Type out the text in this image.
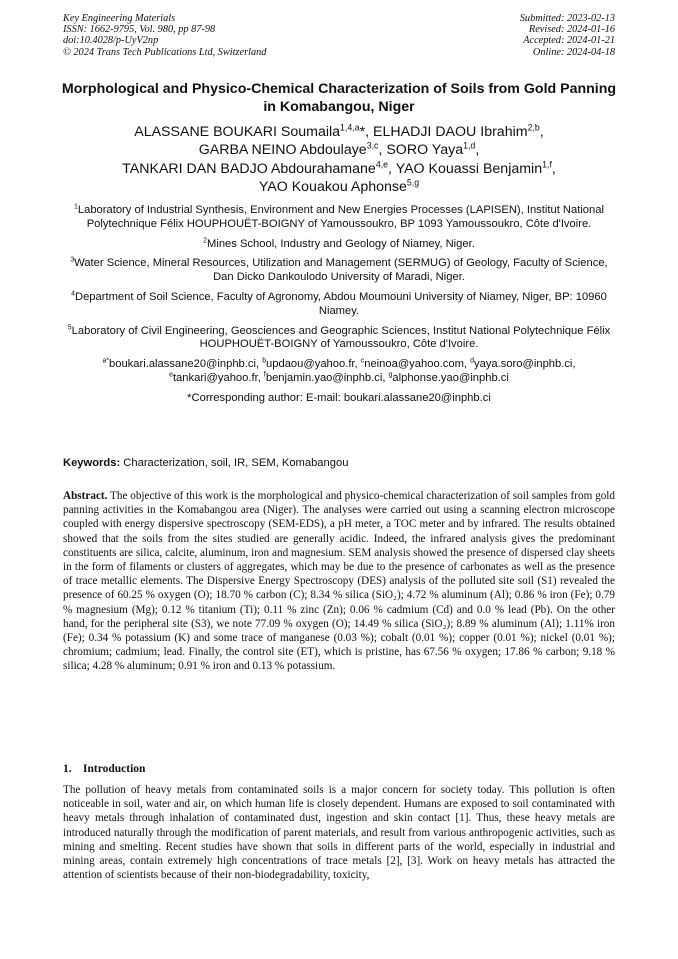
Key Engineering Materials
ISSN: 1662-9795, Vol. 980, pp 87-98
doi:10.4028/p-UyV2np
© 2024 Trans Tech Publications Ltd, Switzerland
Submitted: 2023-02-13
Revised: 2024-01-16
Accepted: 2024-01-21
Online: 2024-04-18
Morphological and Physico-Chemical Characterization of Soils from Gold Panning in Komabangou, Niger
ALASSANE BOUKARI Soumaila$^{1,4,a}$*, ELHADJI DAOU Ibrahim$^{2,b}$,
GARBA NEINO Abdoulaye$^{3,c}$, SORO Yaya$^{1,d}$,
TANKARI DAN BADJO Abdourahamane$^{4,e}$, YAO Kouassi Benjamin$^{1,f}$,
YAO Kouakou Aphonse$^{5,g}$

$^1$Laboratory of Industrial Synthesis, Environment and New Energies Processes (LAPISEN), Institut National Polytechnique Félix HOUPHOUËT-BOIGNY of Yamoussoukro, BP 1093 Yamoussoukro, Côte d'Ivoire.

$^2$Mines School, Industry and Geology of Niamey, Niger.

$^3$Water Science, Mineral Resources, Utilization and Management (SERMUG) of Geology, Faculty of Science, Dan Dicko Dankoulodo University of Maradi, Niger.

$^4$Department of Soil Science, Faculty of Agronomy, Abdou Moumouni University of Niamey, Niger, BP: 10960 Niamey.

$^5$Laboratory of Civil Engineering, Geosciences and Geographic Sciences, Institut National Polytechnique Félix HOUPHOUËT-BOIGNY of Yamoussoukro, Côte d'Ivoire.

$^{a*}$boukari.alassane20@inphb.ci, $^b$updaou@yahoo.fr, $^c$neinoa@yahoo.com, $^d$yaya.soro@inphb.ci,
$^e$tankari@yahoo.fr, $^f$benjamin.yao@inphb.ci, $^g$alphonse.yao@inphb.ci

*Corresponding author: E-mail: boukari.alassane20@inphb.ci

Keywords: Characterization, soil, IR, SEM, Komabangou
Abstract. The objective of this work is the morphological and physico-chemical characterization of soil samples from gold panning activities in the Komabangou area (Niger). The analyses were carried out using a scanning electron microscope coupled with energy dispersive spectroscopy (SEM-EDS), a pH meter, a TOC meter and by infrared. The results obtained showed that the soils from the sites studied are generally acidic. Indeed, the infrared analysis gives the predominant constituents are silica, calcite, aluminum, iron and magnesium. SEM analysis showed the presence of dispersed clay sheets in the form of filaments or clusters of aggregates, which may be due to the presence of carbonates as well as the presence of trace metallic elements. The Dispersive Energy Spectroscopy (DES) analysis of the polluted site soil (S1) revealed the presence of 60.25 % oxygen (O); 18.70 % carbon (C); 8.34 % silica (SiO₂); 4.72 % aluminum (Al); 0.86 % iron (Fe); 0.79 % magnesium (Mg); 0.12 % titanium (Ti); 0.11 % zinc (Zn); 0.06 % cadmium (Cd) and 0.0 % lead (Pb). On the other hand, for the peripheral site (S3), we note 77.09 % oxygen (O); 14.49 % silica (SiO₂); 8.89 % aluminum (Al); 1.11% iron (Fe); 0.34 % potassium (K) and some trace of manganese (0.03 %); cobalt (0.01 %); copper (0.01 %); nickel (0.01 %); chromium; cadmium; lead. Finally, the control site (ET), which is pristine, has 67.56 % oxygen; 17.86 % carbon; 9.18 % silica; 4.28 % aluminum; 0.91 % iron and 0.13 % potassium.
1. Introduction
The pollution of heavy metals from contaminated soils is a major concern for society today. This pollution is often noticeable in soil, water and air, on which human life is closely dependent. Humans are exposed to soil contaminated with heavy metals through inhalation of contaminated dust, ingestion and skin contact [1]. Thus, these heavy metals are introduced naturally through the modification of parent materials, and result from various anthropogenic activities, such as mining and smelting. Recent studies have shown that soils in different parts of the world, especially in industrial and mining areas, contain extremely high concentrations of trace metals [2], [3]. Work on heavy metals has attracted the attention of scientists because of their non-biodegradability, toxicity,
